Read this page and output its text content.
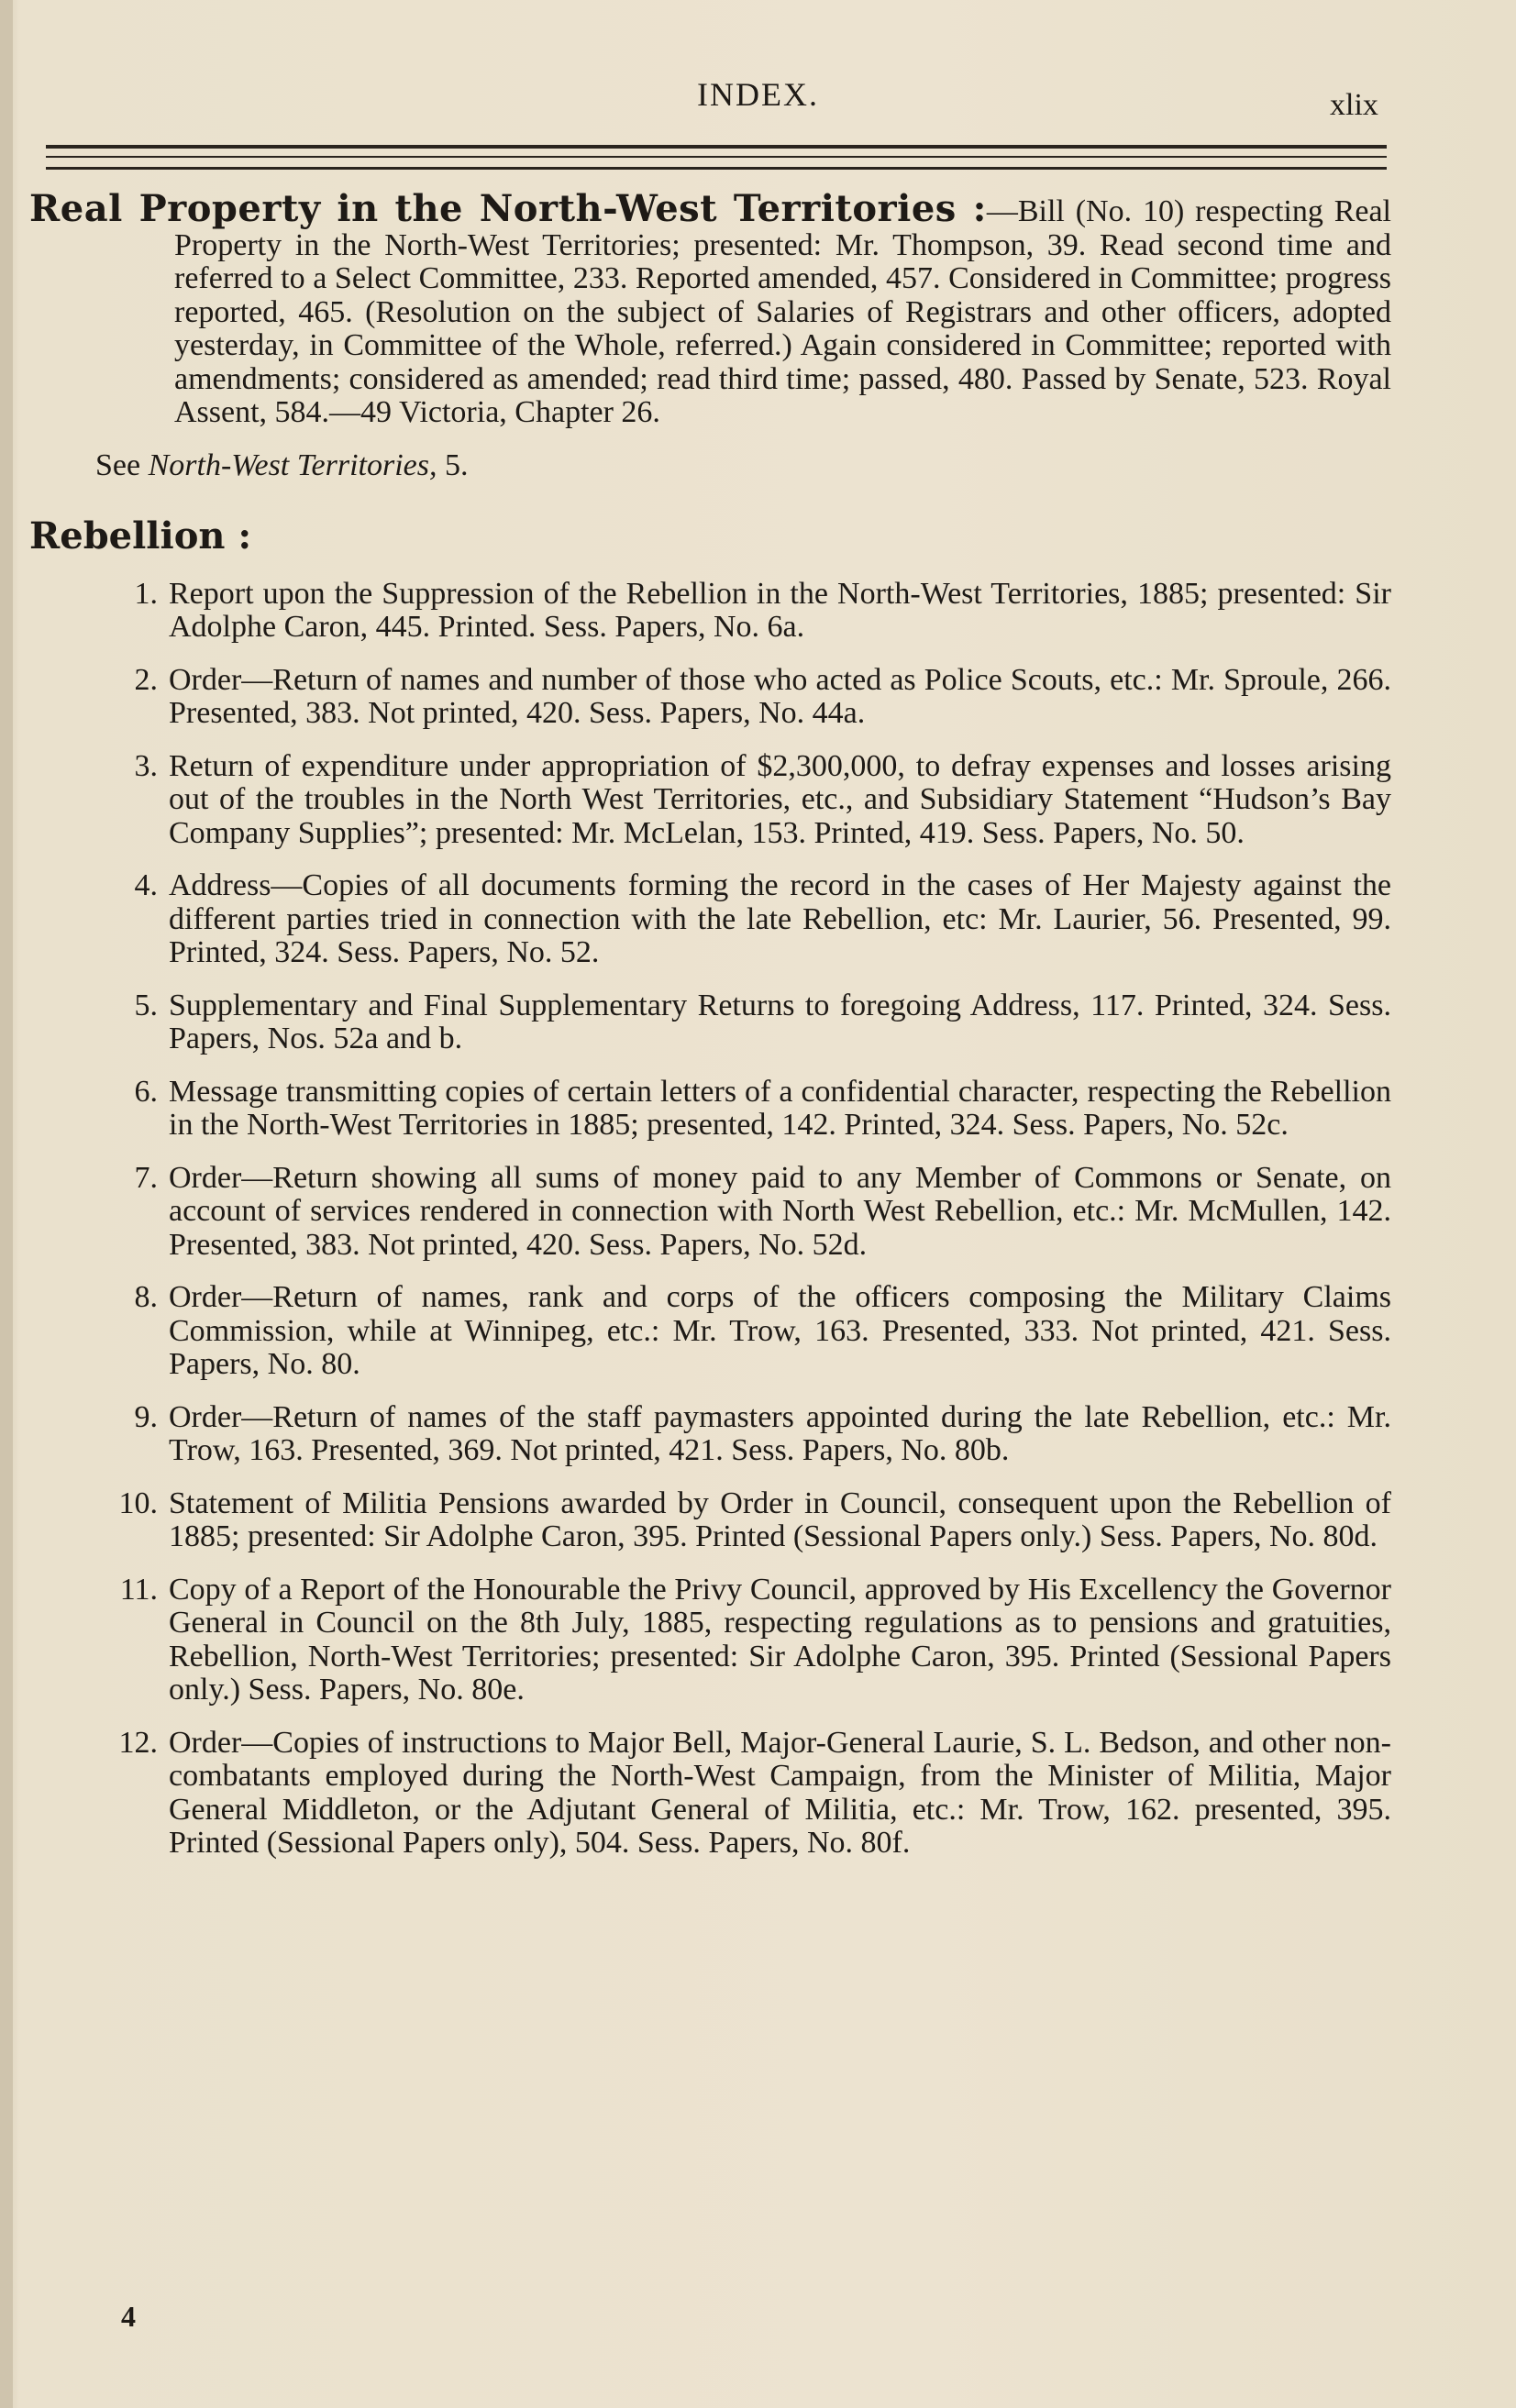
INDEX.	xlix

Real Property in the North-West Territories :—Bill (No. 10) respecting Real Property in the North-West Territories; presented: Mr. Thompson, 39. Read second time and referred to a Select Committee, 233. Reported amended, 457. Considered in Committee; progress reported, 465. (Resolution on the subject of Salaries of Registrars and other officers, adopted yesterday, in Committee of the Whole, referred.) Again considered in Committee; reported with amendments; considered as amended; read third time; passed, 480. Passed by Senate, 523. Royal Assent, 584.—49 Victoria, Chapter 26.

See North-West Territories, 5.

Rebellion :
1. Report upon the Suppression of the Rebellion in the North-West Territories, 1885; presented: Sir Adolphe Caron, 445. Printed. Sess. Papers, No. 6a.
2. Order—Return of names and number of those who acted as Police Scouts, etc.: Mr. Sproule, 266. Presented, 383. Not printed, 420. Sess. Papers, No. 44a.
3. Return of expenditure under appropriation of $2,300,000, to defray expenses and losses arising out of the troubles in the North West Territories, etc., and Subsidiary Statement “Hudson’s Bay Company Supplies”; presented: Mr. McLelan, 153. Printed, 419. Sess. Papers, No. 50.
4. Address—Copies of all documents forming the record in the cases of Her Majesty against the different parties tried in connection with the late Rebellion, etc: Mr. Laurier, 56. Presented, 99. Printed, 324. Sess. Papers, No. 52.
5. Supplementary and Final Supplementary Returns to foregoing Address, 117. Printed, 324. Sess. Papers, Nos. 52a and b.
6. Message transmitting copies of certain letters of a confidential character, respecting the Rebellion in the North-West Territories in 1885; presented, 142. Printed, 324. Sess. Papers, No. 52c.
7. Order—Return showing all sums of money paid to any Member of Commons or Senate, on account of services rendered in connection with North West Rebellion, etc.: Mr. McMullen, 142. Presented, 383. Not printed, 420. Sess. Papers, No. 52d.
8. Order—Return of names, rank and corps of the officers composing the Military Claims Commission, while at Winnipeg, etc.: Mr. Trow, 163. Presented, 333. Not printed, 421. Sess. Papers, No. 80.
9. Order—Return of names of the staff paymasters appointed during the late Rebellion, etc.: Mr. Trow, 163. Presented, 369. Not printed, 421. Sess. Papers, No. 80b.
10. Statement of Militia Pensions awarded by Order in Council, consequent upon the Rebellion of 1885; presented: Sir Adolphe Caron, 395. Printed (Sessional Papers only.) Sess. Papers, No. 80d.
11. Copy of a Report of the Honourable the Privy Council, approved by His Excellency the Governor General in Council on the 8th July, 1885, respecting regulations as to pensions and gratuities, Rebellion, North-West Territories; presented: Sir Adolphe Caron, 395. Printed (Sessional Papers only.) Sess. Papers, No. 80e.
12. Order—Copies of instructions to Major Bell, Major-General Laurie, S. L. Bedson, and other non-combatants employed during the North-West Campaign, from the Minister of Militia, Major General Middleton, or the Adjutant General of Militia, etc.: Mr. Trow, 162. presented, 395. Printed (Sessional Papers only), 504. Sess. Papers, No. 80f.
4
